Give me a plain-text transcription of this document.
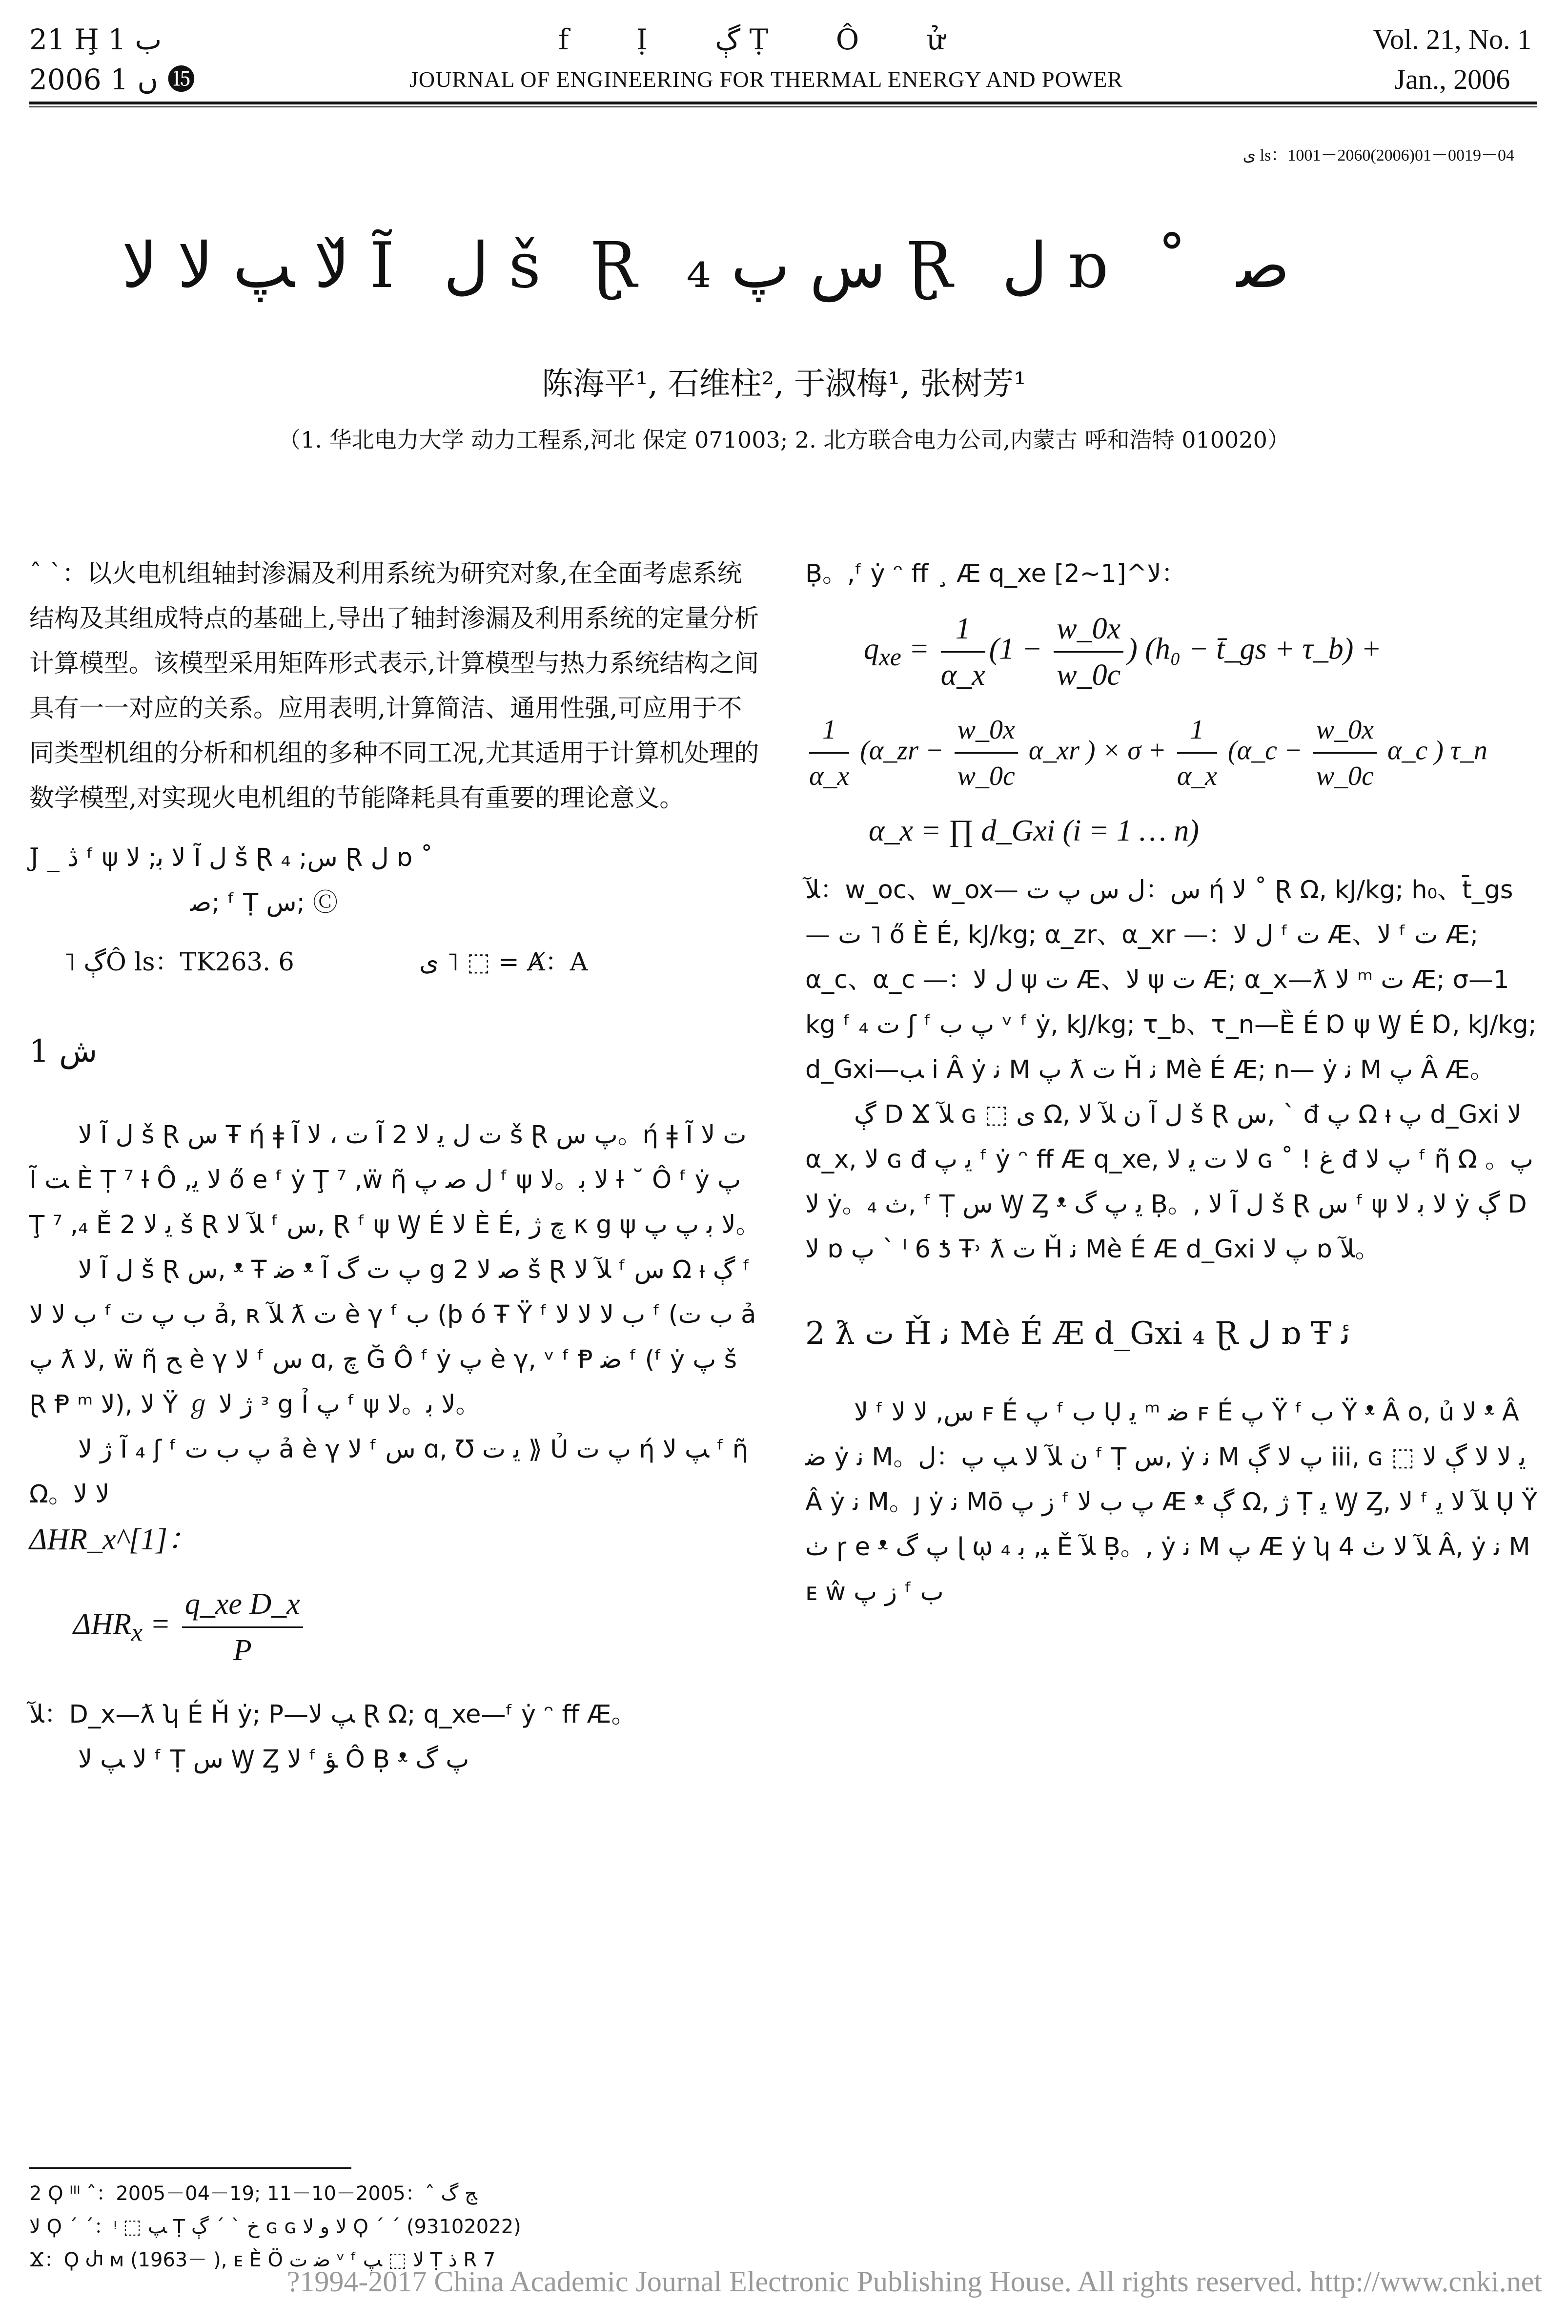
21 Ḩ 1 ب
2006 ں 1 ⓯
f Ị ڳ Ṭ Ô ử
JOURNAL OF ENGINEERING FOR THERMAL ENERGY AND POWER
Vol. 21, No. 1
Jan., 2006
ی ls：1001－2060(2006)01－0019－04
ﻻ ﭗ ﻻ ﻻ ̌Ĩ ﻝ š Ɽ ﺱ ﭖ ₄ Ɽ ﻝ ɒ ˚ ﺻ
陈海平¹, 石维柱², 于淑梅¹, 张树芳¹
（1. 华北电力大学 动力工程系,河北 保定 071003; 2. 北方联合电力公司,内蒙古 呼和浩特 010020）

ˆ ˋ：以火电机组轴封渗漏及利用系统为研究对象,在全面考虑系统结构及其组成特点的基础上,导出了轴封渗漏及利用系统的定量分析计算模型。该模型采用矩阵形式表示,计算模型与热力系统结构之间具有一一对应的关系。应用表明,计算简洁、通用性强,可应用于不同类型机组的分析和机组的多种不同工况,尤其适用于计算机处理的数学模型,对实现火电机组的节能降耗具有重要的理论意义。

J _ ڎ ᶠ ψ ﻻ ﺑ; ﻻ Ĩ ﻝ š Ɽ ﺱ; ₄ Ɽ ﻝ ɒ ˚
ﺻ; ᶠ Ṭ ﺱ; Ⓒ
˥ ڳÔ ls：TK263. 6	ی ˥ ⬚ = Ⱥ：A
1 ﺵ

ﻻ Ĩ ﻝ š Ɽ ﺱ Ŧ ή ǂ Ĩ ت ، ﻻ Ĩ ﺕ ﻝ ﻳ ﻻ 2 š Ɽ ﭖ ﺱ。ή ǂ Ĩ ﺕ ﻻ Ĩ ﺖ È Ṭ ⁷ Ɨ Ô ,ﻻ ﻳ ő e ᶠ ẏ Ţ ⁷ ,ẅ ῆ ﻝ ﺻ ﭖ ᶠ ψ ﻻ ﺑ。ﻻ Ɨ ˘ Ô ᶠ ẏ ﭖ Ţ ⁷ ,₄ Ě ﻳ ﻻ 2 š Ɽ ﻶ ﻻ ᶠ ﺱ, Ɽ ᶠ ψ Ꝡ É ﻻ È É, ﭺ ژ κ g ψ ﻻ ﺑ ﭖ ﭖ。

ﻻ Ĩ ﻝ š Ɽ ﺱ, ᵜ Ŧ ﺿ ᵜ Ĩ ﭖ ت گ g ﺻ ﻻ 2 š Ɽ ﻶ ﻻ ᶠ ﺱ Ω ᵼ ڳ ᶠ ﺏ ﻻ ﻻ ᶠ ﺏ ﭖ ﺕ ả, ʀ ﻶ ƛ ﺕ è γ ᶠ ﺏ (ϸ ó Ŧ Ÿ ᶠ ﺏ ﻻ ﻻ ﻻ ᶠ (ﺏ ﺕ ả ﭖ ƛ ﻻ, ẅ ῆ ﺢ è γ ﻻ ᶠ ﺱ ɑ, ﭺ Ğ Ô ᶠ ẏ ﭖ è γ, ᵛ ᶠ Ᵽ ﺿ ᶠ (ᶠ ẏ ﭖ š Ɽ Ᵽ ᵐ ﻻ), ﻻ Ÿ ℊ ژ ﻻ ᵌ g Ỉ ﭖ ᶠ ψ ﻻ ﺑ。ﻻ。

ژ ﻻ Ĩ ₄ ʃ ᶠ ﭖ ﺏ ﺕ ả è γ ﻻ ᶠ ﺱ ɑ, Ʊ ﻳ ﺕ ⟫ Ủ ﭖ ﺕ ή ﭗ ﻻ ᶠ ῆ Ω。ﻻ ﻻ

ΔHR_x^[1]：
$\Delta HR_x = \frac{\text{q\_xe D\_x}}{P}$

ﻶ：D_x—ƛ ʮ É Ȟ ẏ; P—ﭗ ﻻ Ɽ Ω; q_xe—ᶠ ẏ ᵔ ﬀ Æ。

ﻻ ﭗ ﻻ ᶠ Ṭ ﺱ Ꝡ Ȥ ﻻ ᶠ ﺆ Ô Ḅ ᵜ ﭖ گ

2 Ϙ ᴵᴵᴵ ˆ：2005－04－19; ﺞ گ ˆ：2005－10－11
ﻻ Ϙ ˊ ˊ：ᵎ ⬚ ﭗ Ṭ ﺥ ˋ ˊ ڳ ɢ ɢ ﻻ ﻭ ﻻ Ϙ ˊ ˊ (93102022)
Ϫ：Ϙ Ⴐ ᴍ (1963－ ), ᴇ È Ö ﺿ ﺕ ᵛ ᶠ ﻻ ⬚ ﭗ Ṭ ﺫ R 7

Ḅ。,ᶠ ẏ ᵔ ﬀ ¸ Æ q_xe ﻻ^[1~2]：

$q_{xe} = \frac{1}{\alpha\_x} (1 - \frac{w\_0x}{w\_0c}$ ) (h₀ − t̄_gs + τ_b) +
$\frac{1}{\alpha\_x}$ (α_zr − $\frac{w\_0x}{w\_0c}$ α_xr ) × $\sigma + \frac{1}{\alpha\_x}$ (α_c − $\frac{w\_0x}{w\_0c}$ α_c ) τ_n
α_x = ∏ d_Gxi (i = 1 … n)

ﻶ：w_oc、w_ox— ﺱ：ﻝ ﺱ ﭖ ﺕ ή ﻻ ˚ Ɽ Ω, kJ/kg; h₀、t̄_gs— ﺕ ˥ ő È É, kJ/kg; α_zr、α_xr —：ﻝ ﻻ ᶠ ﺕ Æ、ﻻ ᶠ ﺕ Æ; α_c、α_c —：ﻝ ﻻ ψ ﺕ Æ、ﻻ ψ ﺕ Æ; α_x—ƛ ﻻ ᵐ ﺕ Æ; σ—1 kg ᶠ ﺕ ₄ ʃ ᶠ ﭖ ﺏ ᵛ ᶠ ẏ, kJ/kg; τ_b、τ_n—Ȅ É Ɒ ψ Ꝡ É Ɒ, kJ/kg; d_Gxi—ﺐ i Â ẏ ﻧ M ﭖ ƛ ﺕ Ȟ ﻧ Mè É Æ; n— ẏ ﻧ M ﭖ Â Æ。

ڳ D Ϫ ﻶ ɢ ⬚ ی Ω, ﻥ ﻶ ﻻ Ĩ ﻝ š Ɽ ﺱ, ˋ đ ﭖ Ω ᵼ ﭖ d_Gxi ﻻ α_x, ﻻ ɢ đ ﻳ ﭖ ᶠ ẏ ᵔ ﬀ Æ q_xe, ﻻ ﺕ ﻳ ﻻ ɢ ˚ ! ﻍ đ ﭖ ﻻ ᶠ ῆ Ω ﭖ。ﻻ ẏ。₄ ﺙ, ᶠ Ṭ ﺱ Ꝡ Ȥ ᵜ ﻳ ﭖ گ Ḅ。, ﻻ Ĩ ﻝ š Ɽ ﺱ ᶠ ψ ﻻ ﺑ ﻻ ẏ ڳ D ﻻ ɒ ﭖ ˋ ˡ 6 ƾ Ŧ˒ ƛ ﺕ Ȟ ﻧ Mè É Æ d_Gxi ﭖ ﻻ ɒ ﻶ。

2 ƛ ﺕ Ȟ ﻧ Mè É Æ d_Gxi ₄ Ɽ ﻝ ɒ Ŧ ﺋ

ﻻ ᶠ ﺱ, ﻻ ﻻ ꜰ É ﭖ ᶠ ﺏ Ụ ﻳ ᵐ ﺿ ꜰ É ﭖ Ÿ ᶠ ﺏ Ÿ ᵜ Â o, ủ ﻻ ᵜ Â ﺿ ẏ ﻧ M。ﻥ ﻶ ﻻ ﭗ ﭖ：ﻝ ᶠ Ṭ ﺱ, ẏ ﻧ M ﭖ ﻻ ڳ iii, ɢ ⬚ ﻳ ﻻ ﻻ ڳ ﻻ Â ẏ ﻧ M。ȷ ẏ ﻧ Mō ﺯ ﭖ ᶠ ﭖ ﺏ ﻻ Æ ᵜ ڳ Ω, ژ Ṭ ﻳ Ꝡ Ȥ, ﻻ ᶠ ﻶ ﻻ ﻳ Ụ Ÿ ﭞ ꞅ e ᵜ ﭖ گ ɭ ῳ ﺒ, ﺑ ₄ Ě ﻶ Ḅ。, ẏ ﻧ M ﭖ Æ ẏ ʮ ﻶ ﻻ ﭞ 4 Â, ẏ ﻧ M ᴇ ŵ ﺯ ﭖ ᶠ ﺏ

?1994-2017 China Academic Journal Electronic Publishing House. All rights reserved. http://www.cnki.net
